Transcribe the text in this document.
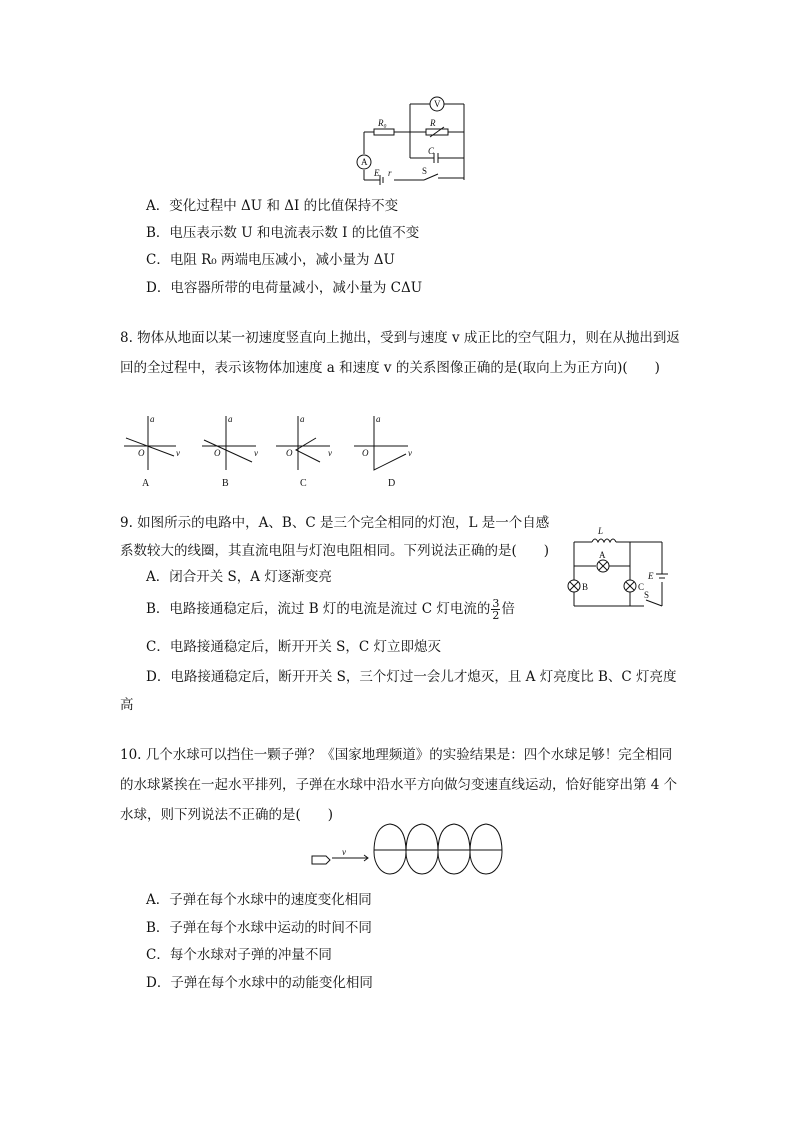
V
A
R₀	R
C
E r	S
A．变化过程中 ΔU 和 ΔI 的比值保持不变
B．电压表示数 U 和电流表示数 I 的比值不变
C．电阻 R₀ 两端电压减小，减小量为 ΔU
D．电容器所带的电荷量减小，减小量为 CΔU
8. 物体从地面以某一初速度竖直向上抛出，受到与速度 v 成正比的空气阻力，则在从抛出到返回的全过程中，表示该物体加速度 a 和速度 v 的关系图像正确的是(取向上为正方向)(　　)
a
v
O
a
v
O
a
v
O
a
v
O
A	B	C	D
9. 如图所示的电路中，A、B、C 是三个完全相同的灯泡，L 是一个自感系数较大的线圈，其直流电阻与灯泡电阻相同。下列说法正确的是(　　)
L
A
B	C
E
S
A．闭合开关 S，A 灯逐渐变亮
B．电路接通稳定后，流过 B 灯的电流是流过 C 灯电流的 $\frac{3}{2}$ 倍
C．电路接通稳定后，断开开关 S，C 灯立即熄灭
D．电路接通稳定后，断开开关 S，三个灯过一会儿才熄灭，且 A 灯亮度比 B、C 灯亮度高
10. 几个水球可以挡住一颗子弹？《国家地理频道》的实验结果是：四个水球足够！完全相同的水球紧挨在一起水平排列，子弹在水球中沿水平方向做匀变速直线运动，恰好能穿出第 4 个水球，则下列说法不正确的是(　　)
v
A．子弹在每个水球中的速度变化相同
B．子弹在每个水球中运动的时间不同
C．每个水球对子弹的冲量不同
D．子弹在每个水球中的动能变化相同
